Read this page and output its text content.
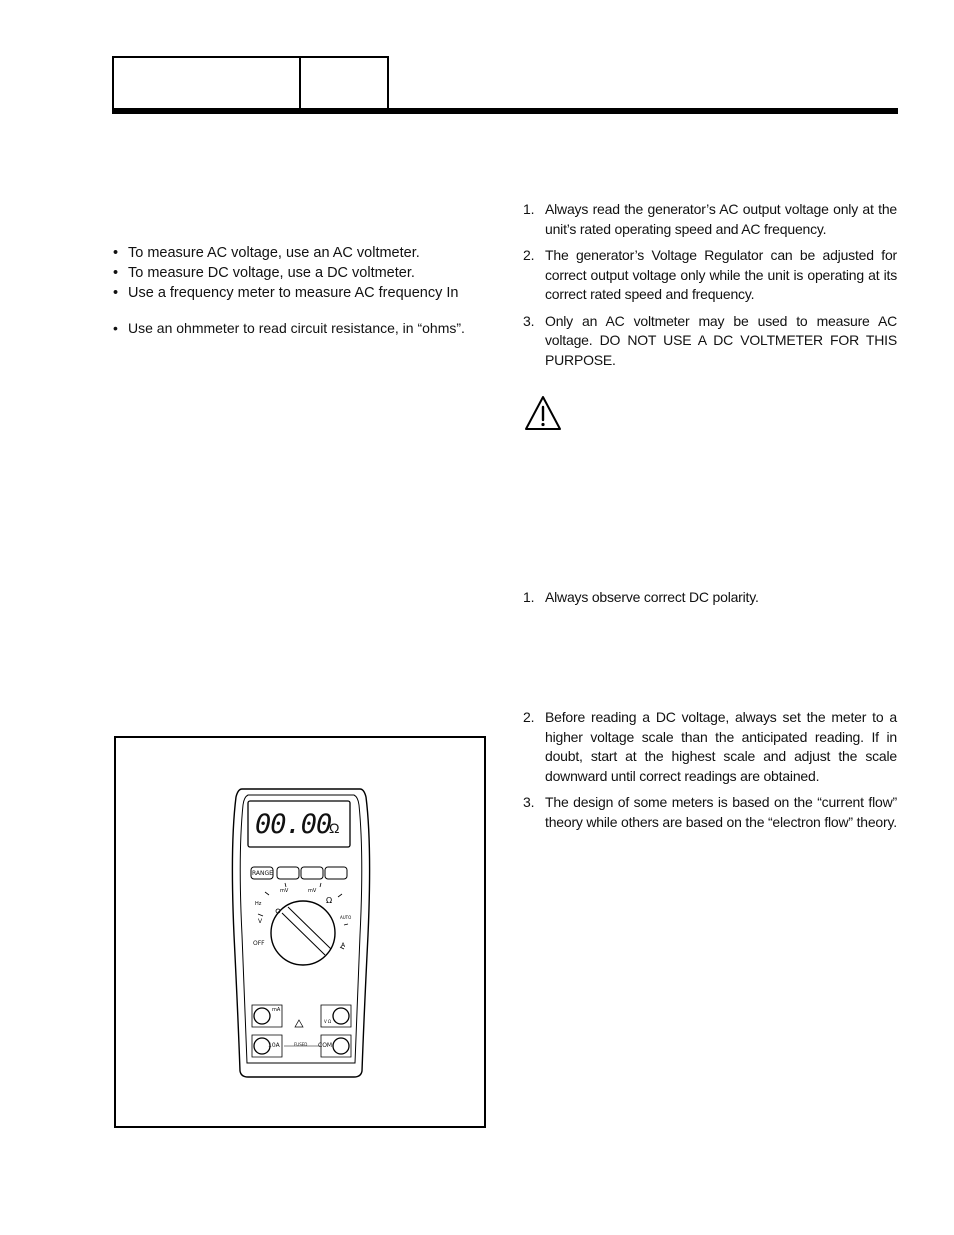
• To measure AC voltage, use an AC voltmeter.
• To measure DC voltage, use a DC voltmeter.
• Use a frequency meter to measure AC frequency In
• Use an ohmmeter to read circuit resistance, in “ohms”.
1. Always read the generator’s AC output voltage only at the unit’s rated operating speed and AC frequency.
2. The generator’s Voltage Regulator can be adjusted for correct output voltage only while the unit is operating at its correct rated speed and frequency.
3. Only an AC voltmeter may be used to measure AC voltage. DO NOT USE A DC VOLTMETER FOR THIS PURPOSE.
1. Always observe correct DC polarity.
2. Before reading a DC voltage, always set the meter to a higher voltage scale than the anticipated reading. If in doubt, start at the highest scale and adjust the scale downward until correct readings are obtained.
3. The design of some meters is based on the “current flow” theory while others are based on the “electron flow” theory.
Hz
mV	mV
Ω
AUTO
V
A
mA
V Ω
00.00
Ω
RANGE
OFF
10A	COM
FUSED
